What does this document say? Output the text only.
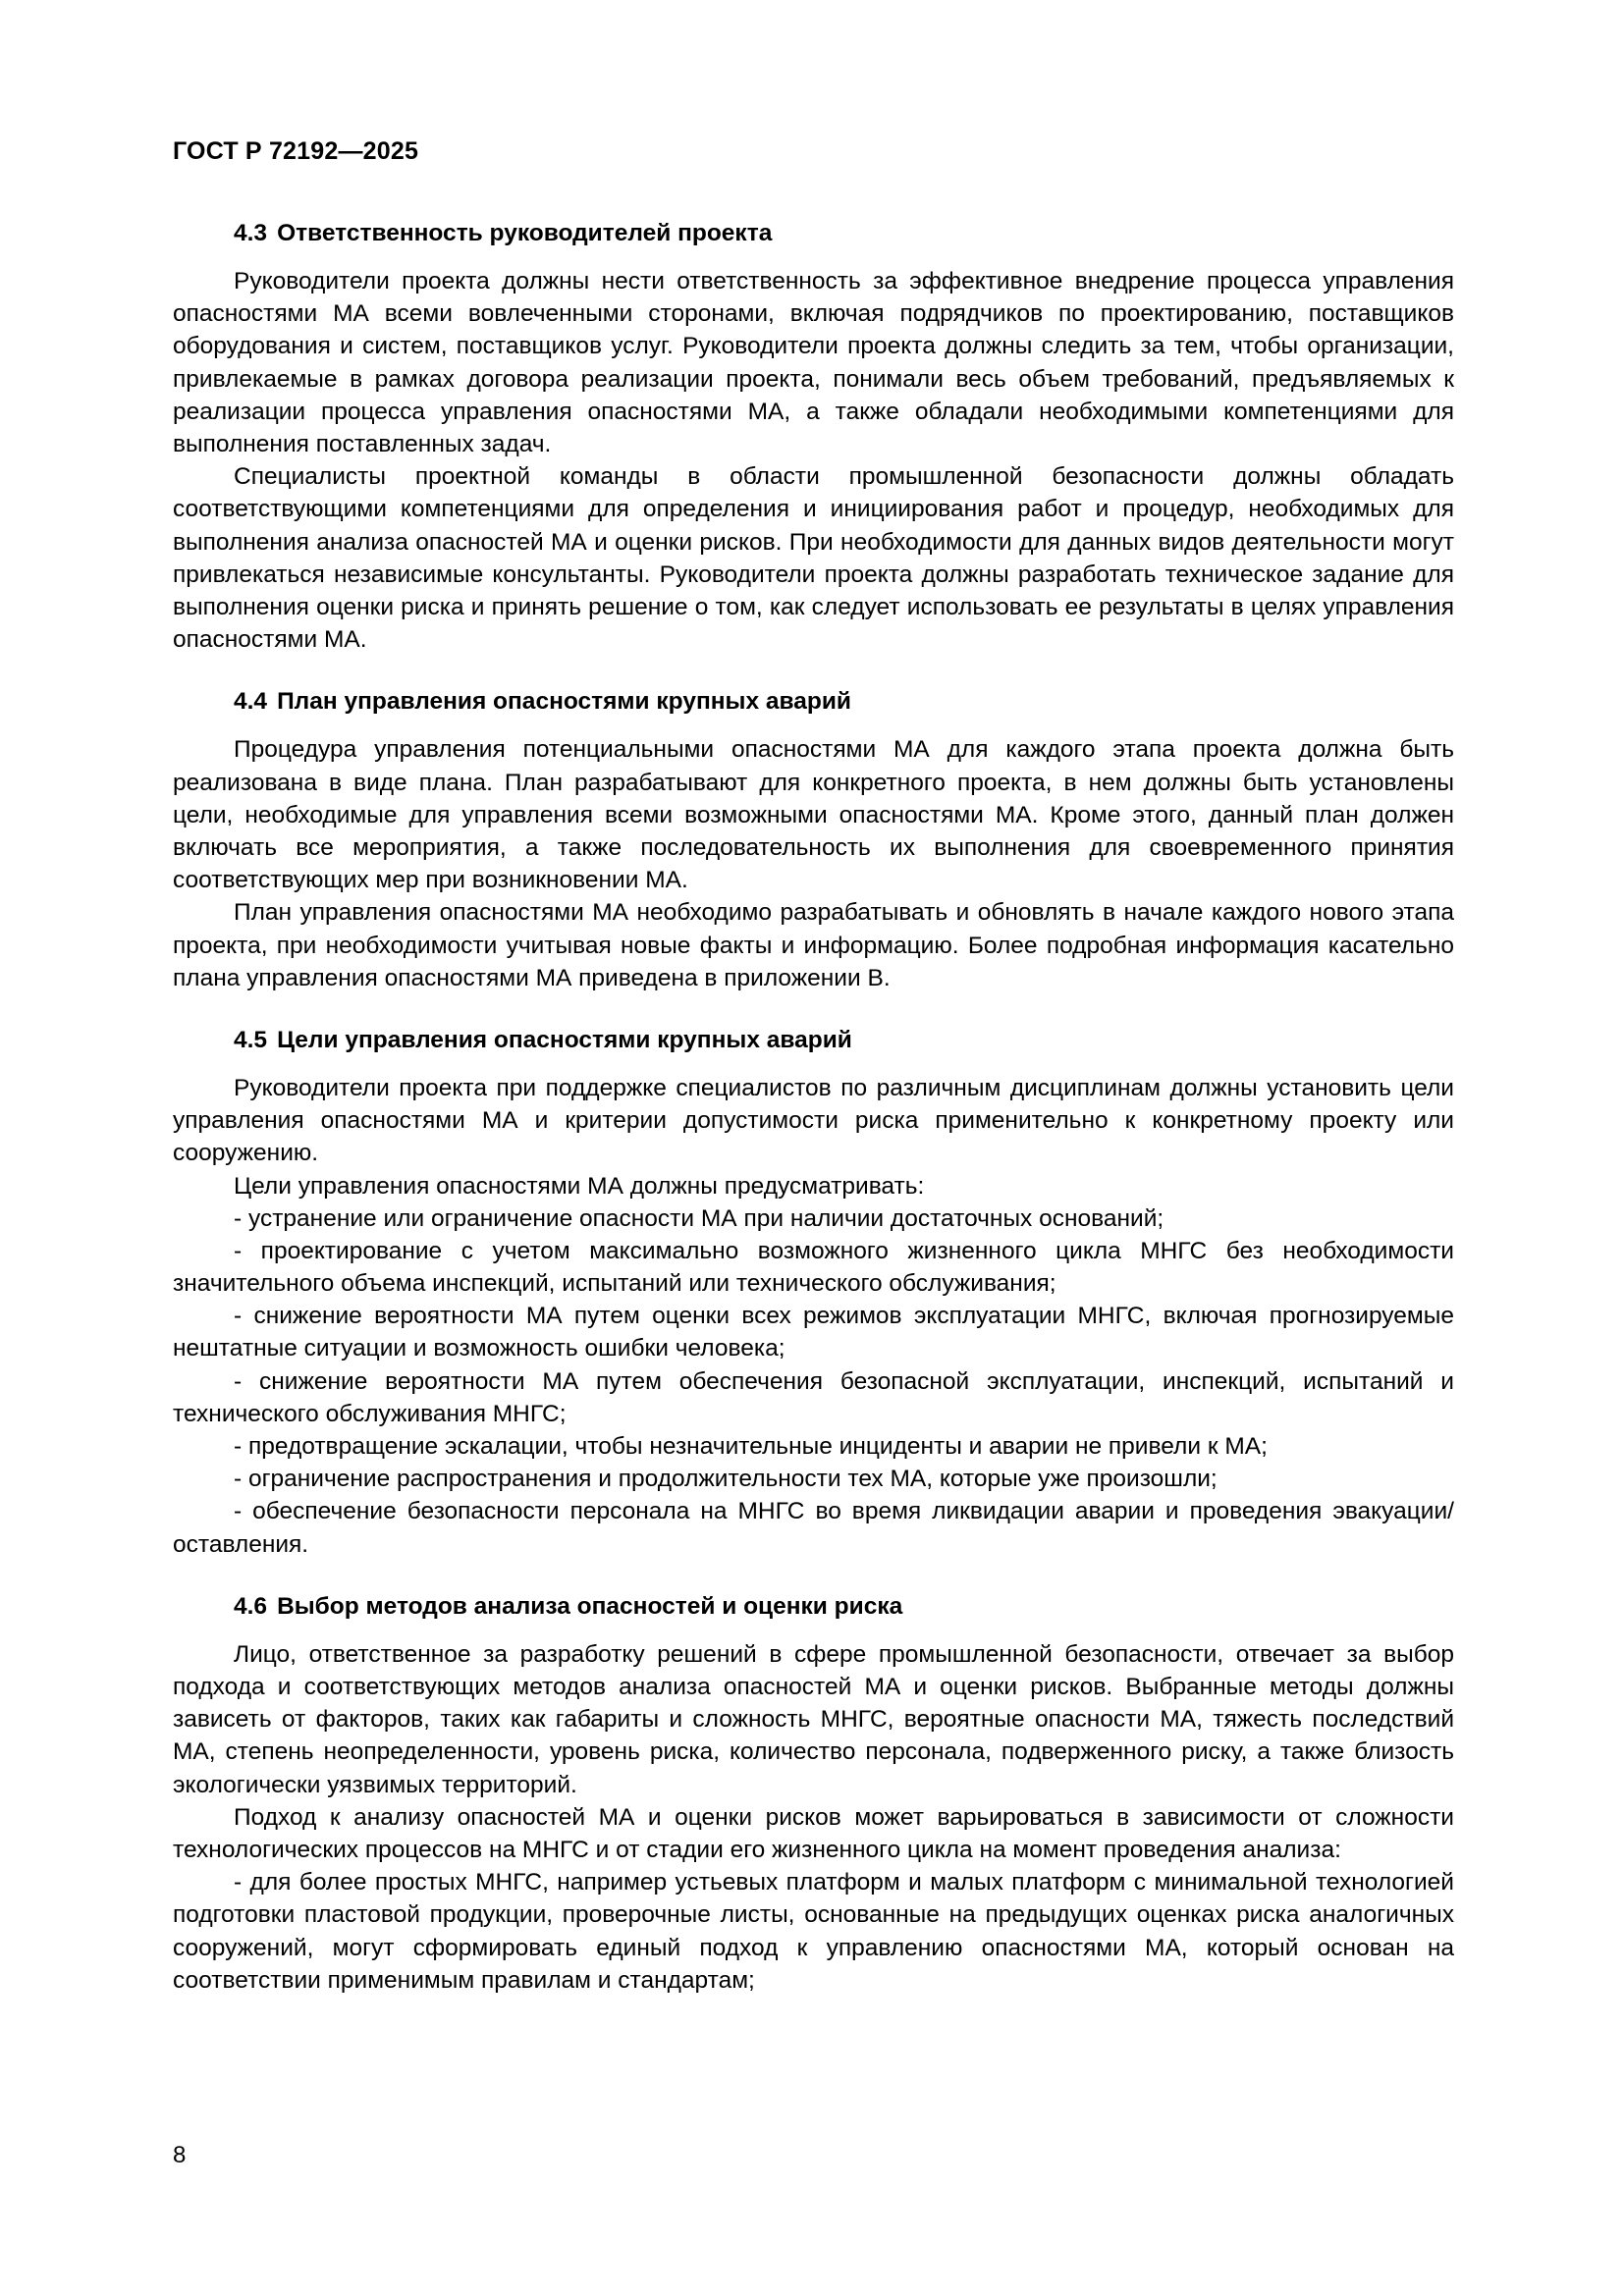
ГОСТ Р 72192—2025
4.3 Ответственность руководителей проекта

Руководители проекта должны нести ответственность за эффективное внедрение процесса управления опасностями МА всеми вовлеченными сторонами, включая подрядчиков по проектированию, поставщиков оборудования и систем, поставщиков услуг. Руководители проекта должны следить за тем, чтобы организации, привлекаемые в рамках договора реализации проекта, понимали весь объем требований, предъявляемых к реализации процесса управления опасностями МА, а также обладали необходимыми компетенциями для выполнения поставленных задач.

Специалисты проектной команды в области промышленной безопасности должны обладать соответствующими компетенциями для определения и инициирования работ и процедур, необходимых для выполнения анализа опасностей МА и оценки рисков. При необходимости для данных видов деятельности могут привлекаться независимые консультанты. Руководители проекта должны разработать техническое задание для выполнения оценки риска и принять решение о том, как следует использовать ее результаты в целях управления опасностями МА.

4.4 План управления опасностями крупных аварий

Процедура управления потенциальными опасностями МА для каждого этапа проекта должна быть реализована в виде плана. План разрабатывают для конкретного проекта, в нем должны быть установлены цели, необходимые для управления всеми возможными опасностями МА. Кроме этого, данный план должен включать все мероприятия, а также последовательность их выполнения для своевременного принятия соответствующих мер при возникновении МА.

План управления опасностями МА необходимо разрабатывать и обновлять в начале каждого нового этапа проекта, при необходимости учитывая новые факты и информацию. Более подробная информация касательно плана управления опасностями МА приведена в приложении В.

4.5 Цели управления опасностями крупных аварий

Руководители проекта при поддержке специалистов по различным дисциплинам должны установить цели управления опасностями МА и критерии допустимости риска применительно к конкретному проекту или сооружению.

Цели управления опасностями МА должны предусматривать:

- устранение или ограничение опасности МА при наличии достаточных оснований;

- проектирование с учетом максимально возможного жизненного цикла МНГС без необходимости значительного объема инспекций, испытаний или технического обслуживания;

- снижение вероятности МА путем оценки всех режимов эксплуатации МНГС, включая прогнозируемые нештатные ситуации и возможность ошибки человека;

- снижение вероятности МА путем обеспечения безопасной эксплуатации, инспекций, испытаний и технического обслуживания МНГС;

- предотвращение эскалации, чтобы незначительные инциденты и аварии не привели к МА;

- ограничение распространения и продолжительности тех МА, которые уже произошли;

- обеспечение безопасности персонала на МНГС во время ликвидации аварии и проведения эвакуации/оставления.

4.6 Выбор методов анализа опасностей и оценки риска

Лицо, ответственное за разработку решений в сфере промышленной безопасности, отвечает за выбор подхода и соответствующих методов анализа опасностей МА и оценки рисков. Выбранные методы должны зависеть от факторов, таких как габариты и сложность МНГС, вероятные опасности МА, тяжесть последствий МА, степень неопределенности, уровень риска, количество персонала, подверженного риску, а также близость экологически уязвимых территорий.

Подход к анализу опасностей МА и оценки рисков может варьироваться в зависимости от сложности технологических процессов на МНГС и от стадии его жизненного цикла на момент проведения анализа:

- для более простых МНГС, например устьевых платформ и малых платформ с минимальной технологией подготовки пластовой продукции, проверочные листы, основанные на предыдущих оценках риска аналогичных сооружений, могут сформировать единый подход к управлению опасностями МА, который основан на соответствии применимым правилам и стандартам;

8
